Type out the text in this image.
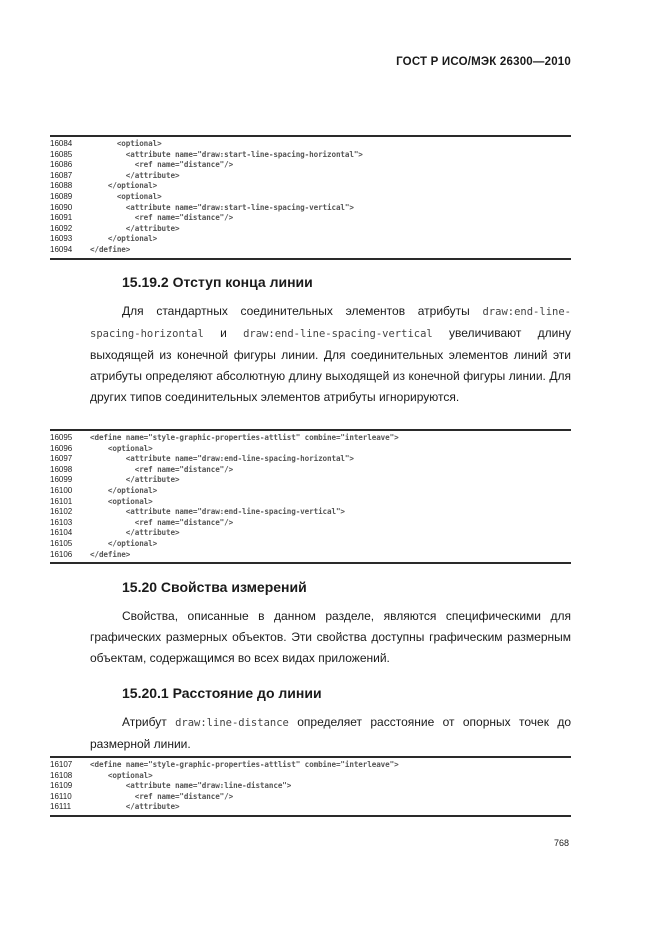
ГОСТ Р ИСО/МЭК 26300—2010
16084	<optional>
16085	<attribute name="draw:start-line-spacing-horizontal">
16086	<ref name="distance"/>
16087	</attribute>
16088	</optional>
16089	<optional>
16090	<attribute name="draw:start-line-spacing-vertical">
16091	<ref name="distance"/>
16092	</attribute>
16093	</optional>
16094	</define>
15.19.2 Отступ конца линии
Для стандартных соединительных элементов атрибуты draw:end-line-spacing-horizontal и draw:end-line-spacing-vertical увеличивают длину выходящей из конечной фигуры линии. Для соединительных элементов линий эти атрибуты определяют абсолютную длину выходящей из конечной фигуры линии. Для других типов соединительных элементов атрибуты игнорируются.
16095	<define name="style-graphic-properties-attlist" combine="interleave">
16096	<optional>
16097	<attribute name="draw:end-line-spacing-horizontal">
16098	<ref name="distance"/>
16099	</attribute>
16100	</optional>
16101	<optional>
16102	<attribute name="draw:end-line-spacing-vertical">
16103	<ref name="distance"/>
16104	</attribute>
16105	</optional>
16106	</define>
15.20 Свойства измерений
Свойства, описанные в данном разделе, являются специфическими для графических размерных объектов. Эти свойства доступны графическим размерным объектам, содержащимся во всех видах приложений.
15.20.1 Расстояние до линии
Атрибут draw:line-distance определяет расстояние от опорных точек до размерной линии.
16107	<define name="style-graphic-properties-attlist" combine="interleave">
16108	<optional>
16109	<attribute name="draw:line-distance">
16110	<ref name="distance"/>
16111	</attribute>
768
